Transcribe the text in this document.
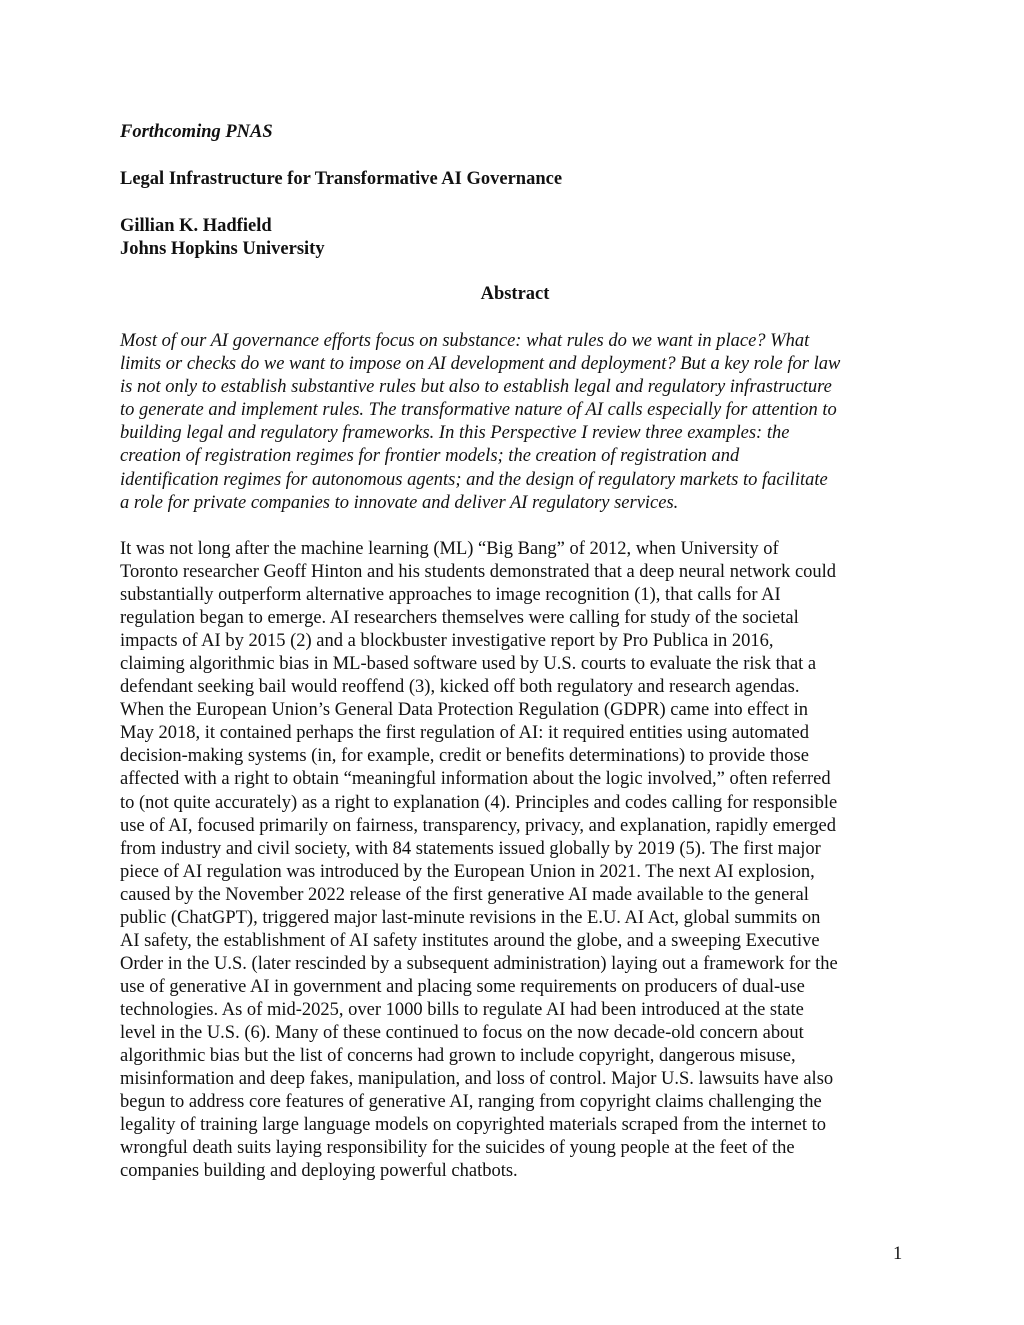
Forthcoming PNAS
Legal Infrastructure for Transformative AI Governance
Gillian K. Hadfield
Johns Hopkins University
Abstract
Most of our AI governance efforts focus on substance: what rules do we want in place? What
limits or checks do we want to impose on AI development and deployment? But a key role for law
is not only to establish substantive rules but also to establish legal and regulatory infrastructure
to generate and implement rules. The transformative nature of AI calls especially for attention to
building legal and regulatory frameworks. In this Perspective I review three examples: the
creation of registration regimes for frontier models; the creation of registration and
identification regimes for autonomous agents; and the design of regulatory markets to facilitate
a role for private companies to innovate and deliver AI regulatory services.
It was not long after the machine learning (ML) “Big Bang” of 2012, when University of
Toronto researcher Geoff Hinton and his students demonstrated that a deep neural network could
substantially outperform alternative approaches to image recognition (1), that calls for AI
regulation began to emerge. AI researchers themselves were calling for study of the societal
impacts of AI by 2015 (2) and a blockbuster investigative report by Pro Publica in 2016,
claiming algorithmic bias in ML-based software used by U.S. courts to evaluate the risk that a
defendant seeking bail would reoffend (3), kicked off both regulatory and research agendas.
When the European Union’s General Data Protection Regulation (GDPR) came into effect in
May 2018, it contained perhaps the first regulation of AI: it required entities using automated
decision-making systems (in, for example, credit or benefits determinations) to provide those
affected with a right to obtain “meaningful information about the logic involved,” often referred
to (not quite accurately) as a right to explanation (4). Principles and codes calling for responsible
use of AI, focused primarily on fairness, transparency, privacy, and explanation, rapidly emerged
from industry and civil society, with 84 statements issued globally by 2019 (5). The first major
piece of AI regulation was introduced by the European Union in 2021. The next AI explosion,
caused by the November 2022 release of the first generative AI made available to the general
public (ChatGPT), triggered major last-minute revisions in the E.U. AI Act, global summits on
AI safety, the establishment of AI safety institutes around the globe, and a sweeping Executive
Order in the U.S. (later rescinded by a subsequent administration) laying out a framework for the
use of generative AI in government and placing some requirements on producers of dual-use
technologies. As of mid-2025, over 1000 bills to regulate AI had been introduced at the state
level in the U.S. (6). Many of these continued to focus on the now decade-old concern about
algorithmic bias but the list of concerns had grown to include copyright, dangerous misuse,
misinformation and deep fakes, manipulation, and loss of control. Major U.S. lawsuits have also
begun to address core features of generative AI, ranging from copyright claims challenging the
legality of training large language models on copyrighted materials scraped from the internet to
wrongful death suits laying responsibility for the suicides of young people at the feet of the
companies building and deploying powerful chatbots.
1
